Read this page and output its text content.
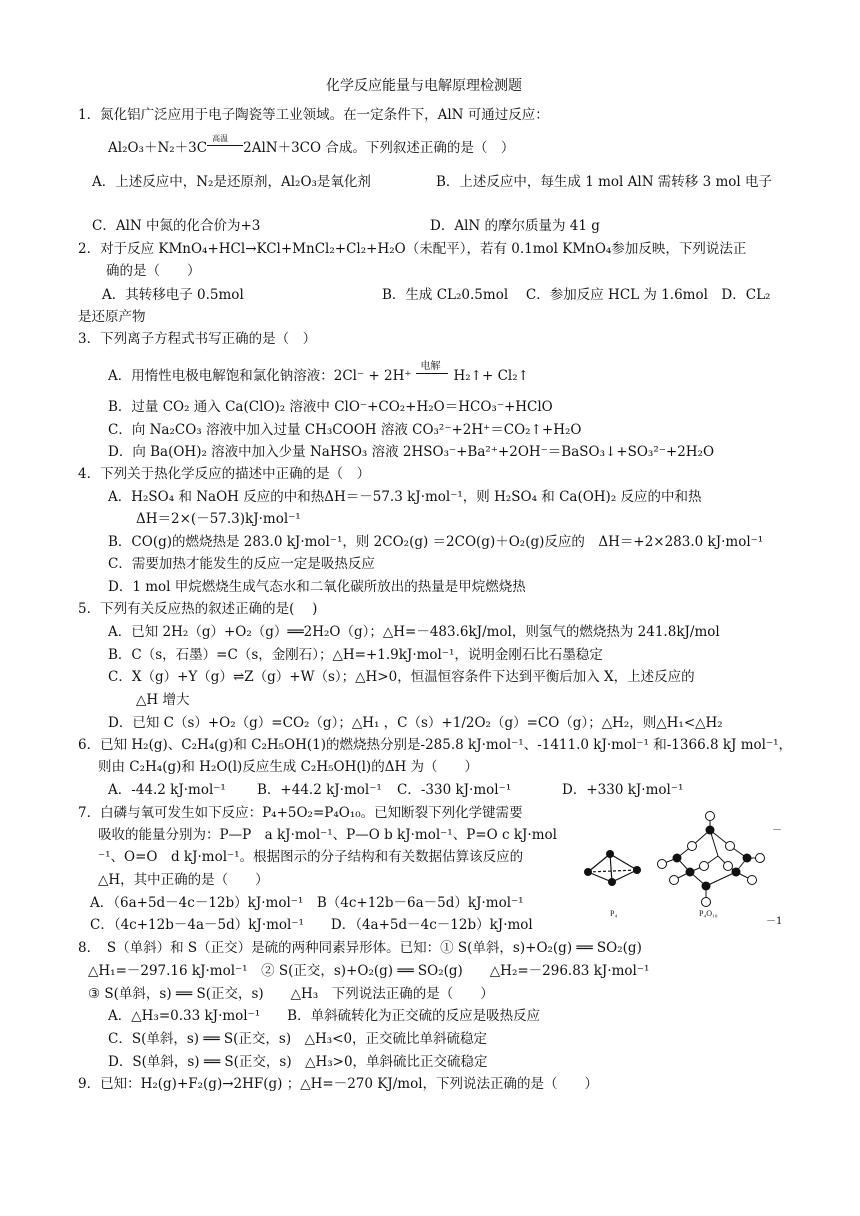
化学反应能量与电解原理检测题
1．氮化铝广泛应用于电子陶瓷等工业领域。在一定条件下，AlN 可通过反应：
Al₂O₃＋N₂＋3C
高温
2AlN＋3CO 合成。下列叙述正确的是（　）
A．上述反应中，N₂是还原剂，Al₂O₃是氧化剂	B．上述反应中，每生成 1 mol AlN 需转移 3 mol 电子
C．AlN 中氮的化合价为+3	D．AlN 的摩尔质量为 41 g
2．对于反应 KMnO₄+HCl→KCl+MnCl₂+Cl₂+H₂O（未配平），若有 0.1mol KMnO₄参加反映，下列说法正
确的是（　　）
A．其转移电子 0.5mol	B．生成 CL₂0.5mol　 C．参加反应 HCL 为 1.6mol　D．CL₂
是还原产物
3．下列离子方程式书写正确的是（　）
A．用惰性电极电解饱和氯化钠溶液：2Cl⁻ + 2H⁺
电解
H₂↑+ Cl₂↑
B．过量 CO₂ 通入 Ca(ClO)₂ 溶液中 ClO⁻+CO₂+H₂O＝HCO₃⁻+HClO
C．向 Na₂CO₃ 溶液中加入过量 CH₃COOH 溶液 CO₃²⁻+2H⁺＝CO₂↑+H₂O
D．向 Ba(OH)₂ 溶液中加入少量 NaHSO₃ 溶液 2HSO₃⁻+Ba²⁺+2OH⁻＝BaSO₃↓+SO₃²⁻+2H₂O
4．下列关于热化学反应的描述中正确的是（　）
A．H₂SO₄ 和 NaOH 反应的中和热ΔH＝－57.3 kJ·mol⁻¹，则 H₂SO₄ 和 Ca(OH)₂ 反应的中和热
ΔH＝2×(－57.3)kJ·mol⁻¹
B．CO(g)的燃烧热是 283.0 kJ·mol⁻¹，则 2CO₂(g) ＝2CO(g)＋O₂(g)反应的　ΔH＝+2×283.0 kJ·mol⁻¹
C．需要加热才能发生的反应一定是吸热反应
D．1 mol 甲烷燃烧生成气态水和二氧化碳所放出的热量是甲烷燃烧热
5．下列有关反应热的叙述正确的是(　 )
A．已知 2H₂（g）+O₂（g）══2H₂O（g）；△H=－483.6kJ/mol，则氢气的燃烧热为 241.8kJ/mol
B．C（s，石墨）=C（s，金刚石）；△H=+1.9kJ·mol⁻¹，说明金刚石比石墨稳定
C．X（g）+Y（g）⇌Z（g）+W（s）；△H>0，恒温恒容条件下达到平衡后加入 X，上述反应的
△H 增大
D．已知 C（s）+O₂（g）=CO₂（g）；△H₁ ，C（s）+1/2O₂（g）=CO（g）；△H₂，则△H₁<△H₂
6．已知 H₂(g)、C₂H₄(g)和 C₂H₅OH(1)的燃烧热分别是-285.8 kJ·mol⁻¹、-1411.0 kJ·mol⁻¹ 和-1366.8 kJ mol⁻¹，
则由 C₂H₄(g)和 H₂O(l)反应生成 C₂H₅OH(l)的ΔH 为（　　）
A．-44.2 kJ·mol⁻¹ B．+44.2 kJ·mol⁻¹ C．-330 kJ·mol⁻¹	D．+330 kJ·mol⁻¹
7．白磷与氧可发生如下反应：P₄+5O₂=P₄O₁₀。已知断裂下列化学键需要
吸收的能量分别为：P—P　a kJ·mol⁻¹、P—O b kJ·mol⁻¹、P=O c kJ·mol
⁻¹、O=O　d kJ·mol⁻¹。根据图示的分子结构和有关数据估算该反应的
△H，其中正确的是（　　）
A．（6a+5d－4c－12b）kJ·mol⁻¹　B（4c+12b－6a－5d）kJ·mol⁻¹
C．（4c+12b－4a－5d）kJ·mol⁻¹　　D．（4a+5d－4c－12b）kJ·mol
－
－1
P₄	P₄O₁₀
8．　S（单斜）和 S（正交）是硫的两种同素异形体。已知：① S(单斜，s)+O₂(g) ══ SO₂(g)
△H₁=－297.16 kJ·mol⁻¹　② S(正交，s)+O₂(g) ══ SO₂(g)　　△H₂=－296.83 kJ·mol⁻¹
③ S(单斜，s) ══ S(正交，s)　　△H₃　下列说法正确的是（　　）
A．△H₃=0.33 kJ·mol⁻¹　　B．单斜硫转化为正交硫的反应是吸热反应
C．S(单斜，s) ══ S(正交，s)　△H₃<0，正交硫比单斜硫稳定
D．S(单斜，s) ══ S(正交，s)　△H₃>0，单斜硫比正交硫稳定
9．已知：H₂(g)+F₂(g)→2HF(g) ；△H=－270 KJ/mol，下列说法正确的是（　　）
